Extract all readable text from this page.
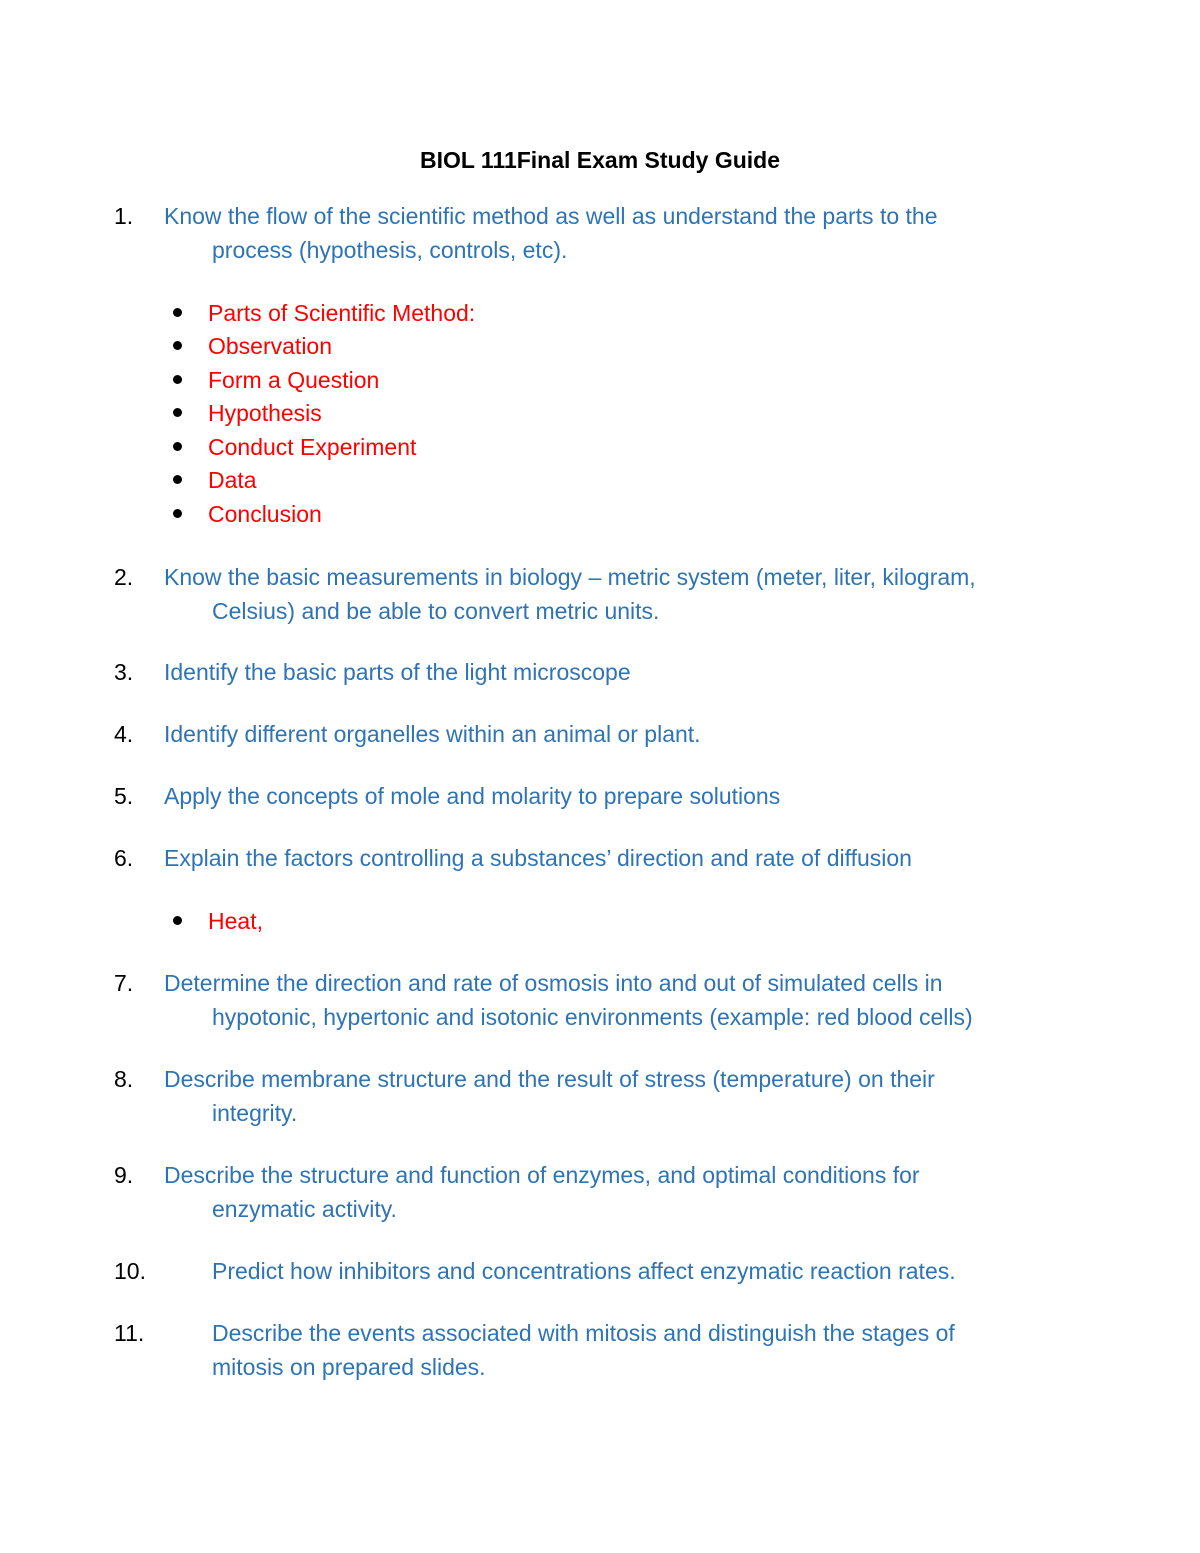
BIOL 111Final Exam Study Guide
1. Know the flow of the scientific method as well as understand the parts to the
process (hypothesis, controls, etc).
Parts of Scientific Method:
Observation
Form a Question
Hypothesis
Conduct Experiment
Data
Conclusion
2. Know the basic measurements in biology – metric system (meter, liter, kilogram,
Celsius) and be able to convert metric units.
3. Identify the basic parts of the light microscope
4. Identify different organelles within an animal or plant.
5. Apply the concepts of mole and molarity to prepare solutions
6. Explain the factors controlling a substances’ direction and rate of diffusion
Heat,
7. Determine the direction and rate of osmosis into and out of simulated cells in
hypotonic, hypertonic and isotonic environments (example: red blood cells)
8. Describe membrane structure and the result of stress (temperature) on their
integrity.
9. Describe the structure and function of enzymes, and optimal conditions for
enzymatic activity.
10.	Predict how inhibitors and concentrations affect enzymatic reaction rates.
11.	Describe the events associated with mitosis and distinguish the stages of
mitosis on prepared slides.
